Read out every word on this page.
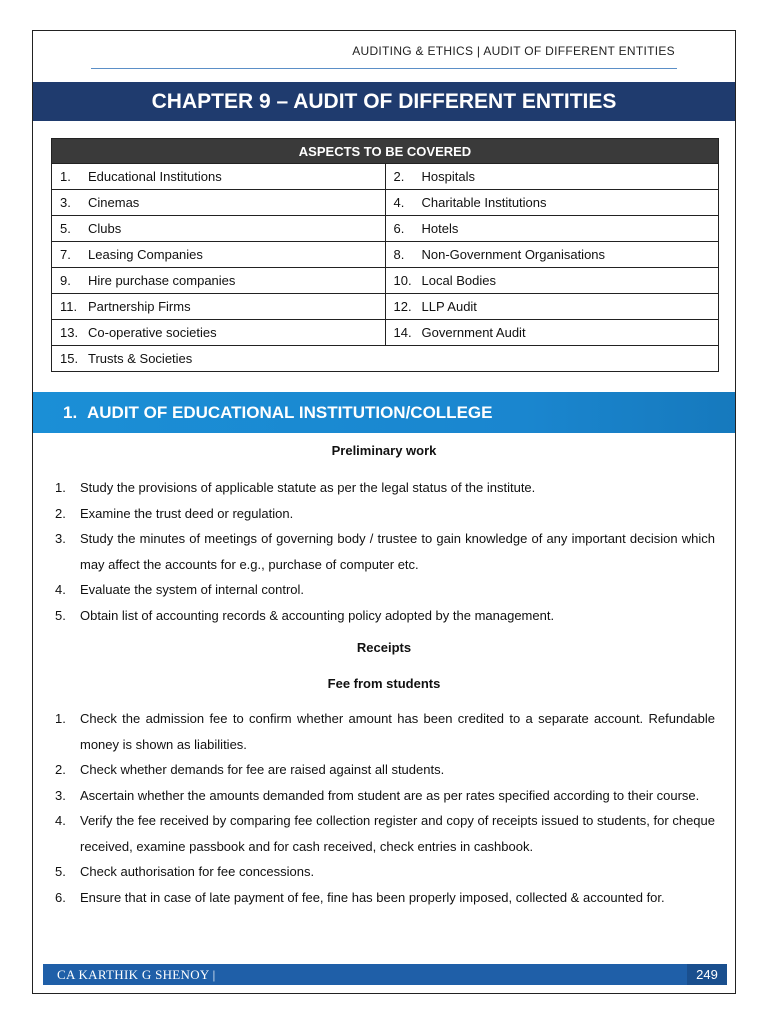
AUDITING & ETHICS | AUDIT OF DIFFERENT ENTITIES
CHAPTER 9 – AUDIT OF DIFFERENT ENTITIES
ASPECTS TO BE COVERED	
1. Educational Institutions	2. Hospitals
3. Cinemas	4. Charitable Institutions
5. Clubs	6. Hotels
7. Leasing Companies	8. Non-Government Organisations
9. Hire purchase companies	10. Local Bodies
11. Partnership Firms	12. LLP Audit
13. Co-operative societies	14. Government Audit
15. Trusts & Societies	
1. AUDIT OF EDUCATIONAL INSTITUTION/COLLEGE
Preliminary work
1. Study the provisions of applicable statute as per the legal status of the institute.
2. Examine the trust deed or regulation.
3. Study the minutes of meetings of governing body / trustee to gain knowledge of any important decision which may affect the accounts for e.g., purchase of computer etc.
4. Evaluate the system of internal control.
5. Obtain list of accounting records & accounting policy adopted by the management.
Receipts
Fee from students
1. Check the admission fee to confirm whether amount has been credited to a separate account. Refundable money is shown as liabilities.
2. Check whether demands for fee are raised against all students.
3. Ascertain whether the amounts demanded from student are as per rates specified according to their course.
4. Verify the fee received by comparing fee collection register and copy of receipts issued to students, for cheque received, examine passbook and for cash received, check entries in cashbook.
5. Check authorisation for fee concessions.
6. Ensure that in case of late payment of fee, fine has been properly imposed, collected & accounted for.
CA KARTHIK G SHENOY |	249
